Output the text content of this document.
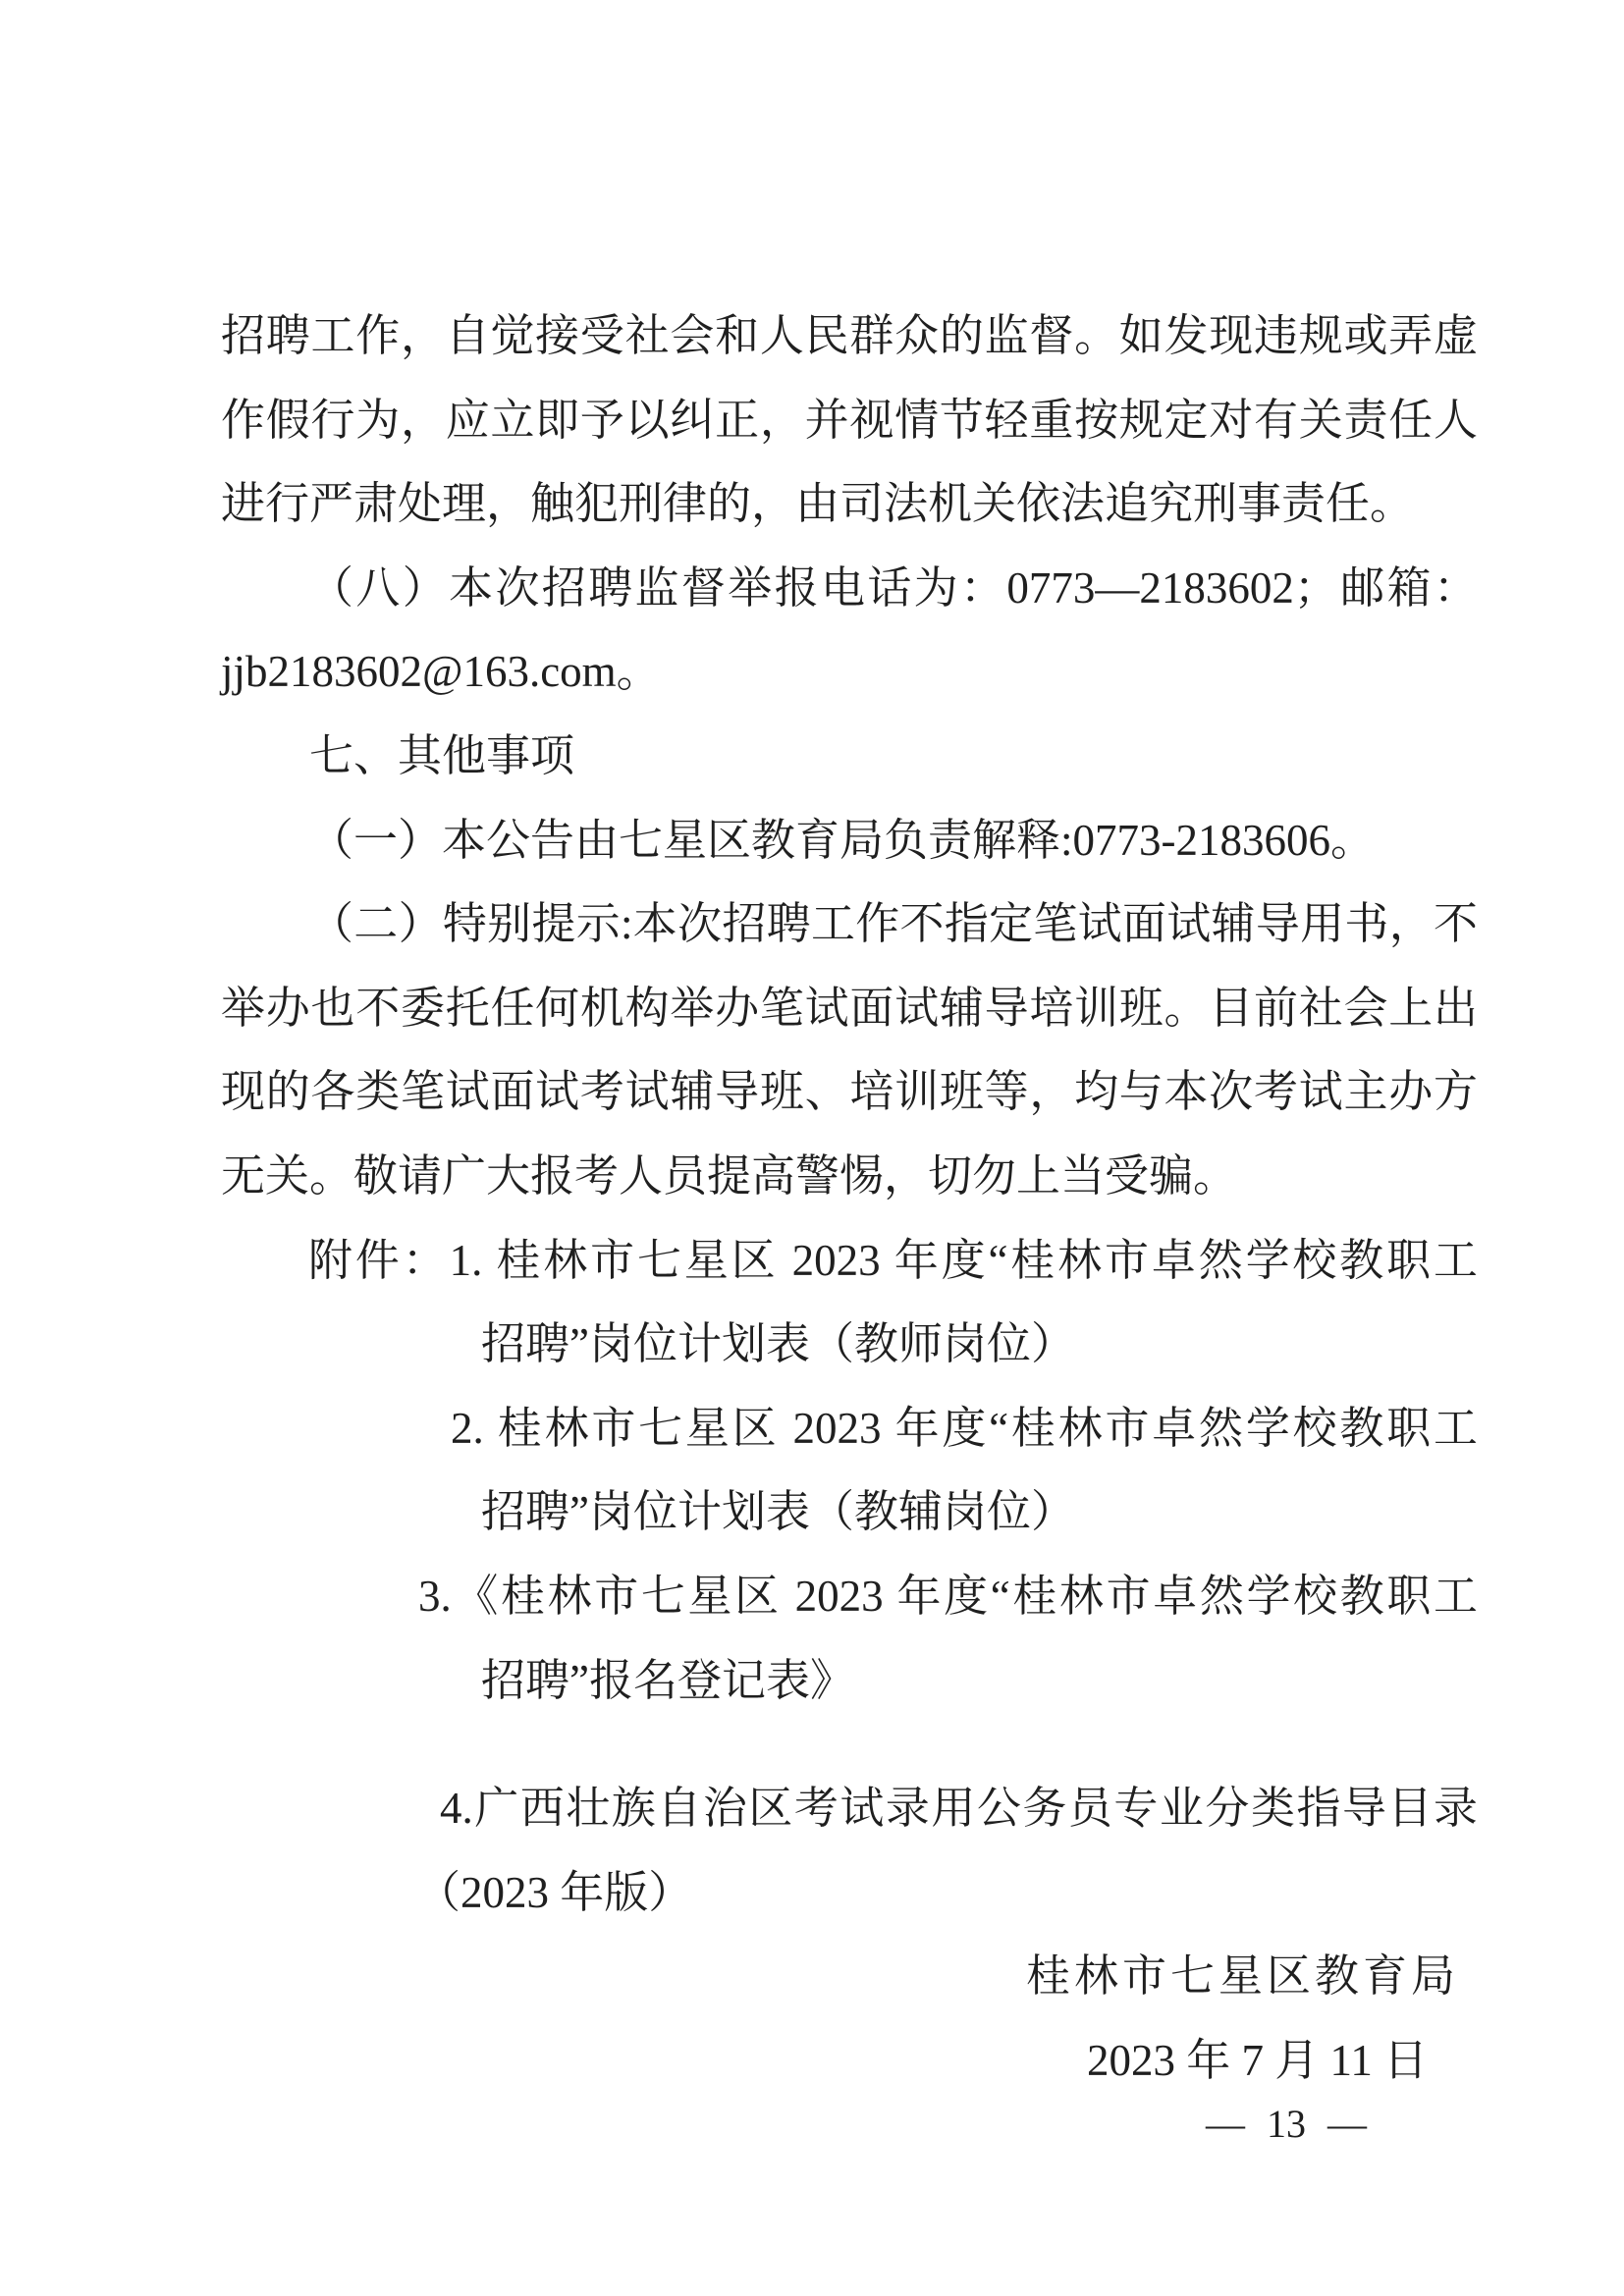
招聘工作，自觉接受社会和人民群众的监督。如发现违规或弄虚
作假行为，应立即予以纠正，并视情节轻重按规定对有关责任人
进行严肃处理，触犯刑律的，由司法机关依法追究刑事责任。
（八）本次招聘监督举报电话为：0773—2183602；邮箱：
jjb2183602@163.com。
七、其他事项
（一）本公告由七星区教育局负责解释:0773-2183606。
（二）特别提示:本次招聘工作不指定笔试面试辅导用书，不
举办也不委托任何机构举办笔试面试辅导培训班。目前社会上出
现的各类笔试面试考试辅导班、培训班等，均与本次考试主办方
无关。敬请广大报考人员提高警惕，切勿上当受骗。
附件：1. 桂林市七星区 2023 年度“桂林市卓然学校教职工
招聘”岗位计划表（教师岗位）
2. 桂林市七星区 2023 年度“桂林市卓然学校教职工
招聘”岗位计划表（教辅岗位）
3.《桂林市七星区 2023 年度“桂林市卓然学校教职工
招聘”报名登记表》
4.广西壮族自治区考试录用公务员专业分类指导目录
（2023 年版）
桂林市七星区教育局
2023 年 7 月 11 日
— 13 —
